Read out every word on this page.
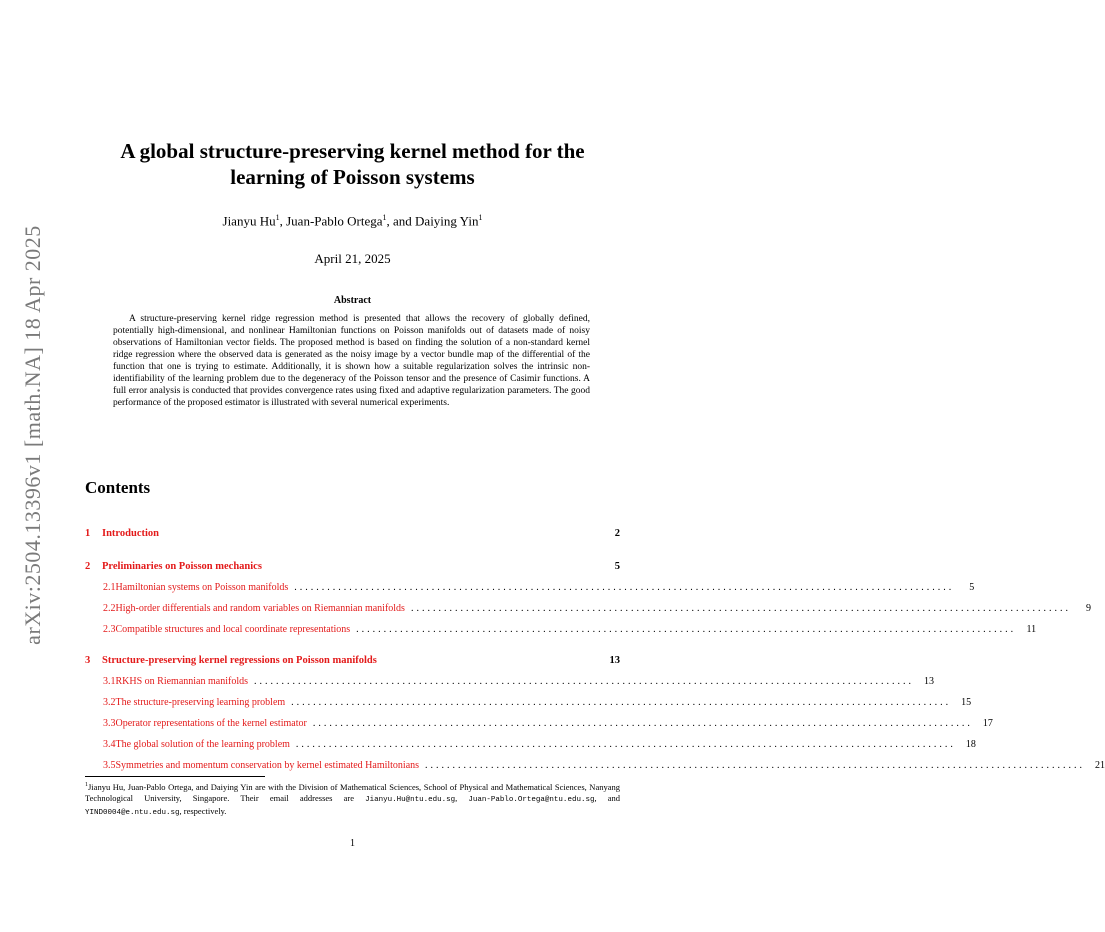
arXiv:2504.13396v1 [math.NA] 18 Apr 2025
A global structure-preserving kernel method for the learning of Poisson systems
Jianyu Hu$^1$, Juan-Pablo Ortega$^1$, and Daiying Yin$^1$
April 21, 2025
Abstract
A structure-preserving kernel ridge regression method is presented that allows the recovery of globally defined, potentially high-dimensional, and nonlinear Hamiltonian functions on Poisson manifolds out of datasets made of noisy observations of Hamiltonian vector fields. The proposed method is based on finding the solution of a non-standard kernel ridge regression where the observed data is generated as the noisy image by a vector bundle map of the differential of the function that one is trying to estimate. Additionally, it is shown how a suitable regularization solves the intrinsic non-identifiability of the learning problem due to the degeneracy of the Poisson tensor and the presence of Casimir functions. A full error analysis is conducted that provides convergence rates using fixed and adaptive regularization parameters. The good performance of the proposed estimator is illustrated with several numerical experiments.
Contents
1	Introduction	2
2	Preliminaries on Poisson mechanics	5
2.1 Hamiltonian systems on Poisson manifolds ........................................................................................................................	5
2.2 High-order differentials and random variables on Riemannian manifolds ........................................................................................................................	9
2.3 Compatible structures and local coordinate representations ........................................................................................................................	11
3	Structure-preserving kernel regressions on Poisson manifolds	13
3.1 RKHS on Riemannian manifolds ........................................................................................................................	13
3.2 The structure-preserving learning problem ........................................................................................................................	15
3.3 Operator representations of the kernel estimator ........................................................................................................................	17
3.4 The global solution of the learning problem ........................................................................................................................	18
3.5 Symmetries and momentum conservation by kernel estimated Hamiltonians ........................................................................................................................	21
$^1$Jianyu Hu, Juan-Pablo Ortega, and Daiying Yin are with the Division of Mathematical Sciences, School of Physical and Mathematical Sciences, Nanyang Technological University, Singapore. Their email addresses are Jianyu.Hu@ntu.edu.sg, Juan-Pablo.Ortega@ntu.edu.sg, and YIND0004@e.ntu.edu.sg, respectively.
1
